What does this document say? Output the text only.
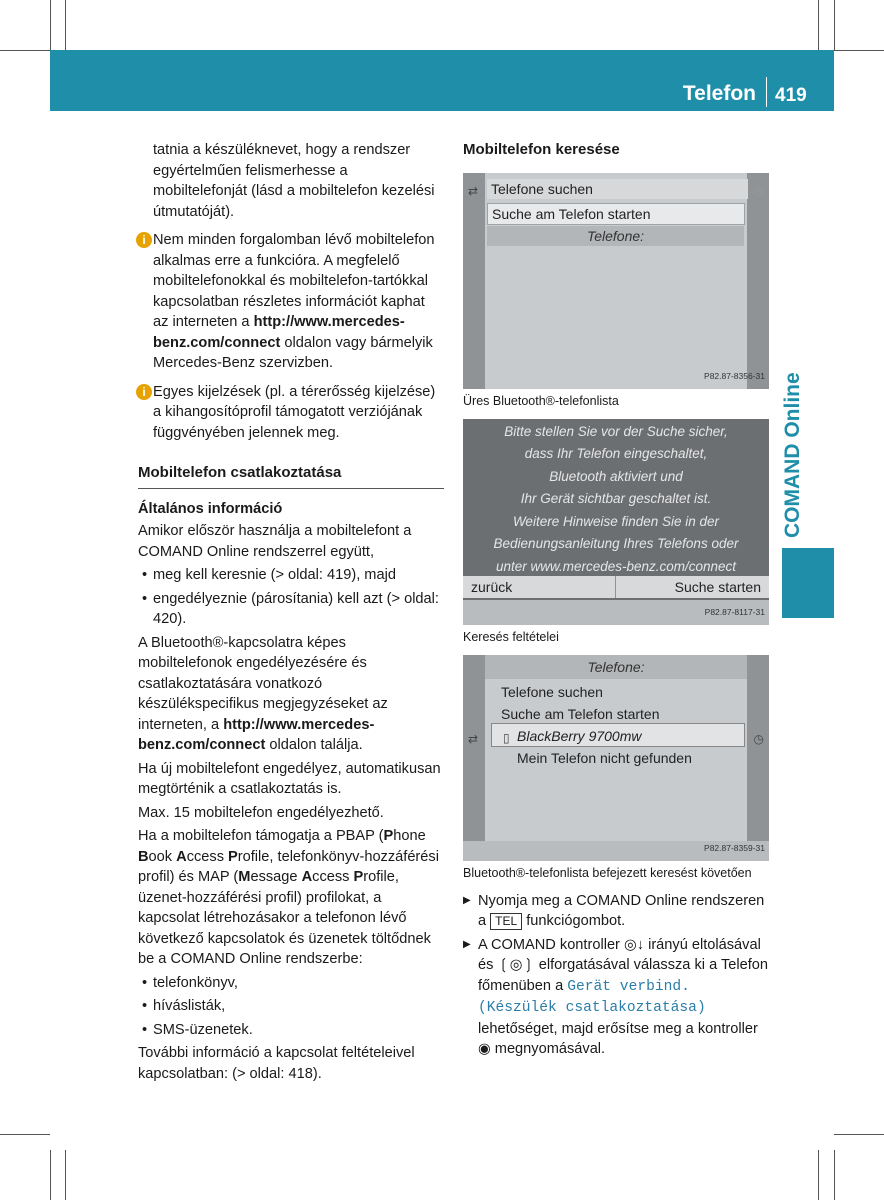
Telefon 419
COMAND Online

tatnia a készüléknevet, hogy a rendszer egyértelműen felismerhesse a mobiltelefonját (lásd a mobiltelefon kezelési útmutatóját).

i Nem minden forgalomban lévő mobiltelefon alkalmas erre a funkcióra. A megfelelő mobiltelefonokkal és mobiltelefon-tartókkal kapcsolatban részletes információt kaphat az interneten a http://www.mercedes-benz.com/connect oldalon vagy bármelyik Mercedes-Benz szervizben.

i Egyes kijelzések (pl. a térerősség kijelzése) a kihangosítóprofil támogatott verziójának függvényében jelennek meg.

Mobiltelefon csatlakoztatása
Általános információ

Amikor először használja a mobiltelefont a COMAND Online rendszerrel együtt,

• meg kell keresnie (> oldal: 419), majd
• engedélyeznie (párosítania) kell azt (> oldal: 420).

A Bluetooth®-kapcsolatra képes mobiltelefonok engedélyezésére és csatlakoztatására vonatkozó készülékspecifikus megjegyzéseket az interneten, a http://www.mercedes-benz.com/connect oldalon találja.

Ha új mobiltelefont engedélyez, automatikusan megtörténik a csatlakoztatás is.

Max. 15 mobiltelefon engedélyezhető.

Ha a mobiltelefon támogatja a PBAP (Phone Book Access Profile, telefonkönyv-hozzáférési profil) és MAP (Message Access Profile, üzenet-hozzáférési profil) profilokat, a kapcsolat létrehozásakor a telefonon lévő következő kapcsolatok és üzenetek töltődnek be a COMAND Online rendszerbe:

• telefonkönyv,
• híváslisták,
• SMS-üzenetek.

További információ a kapcsolat feltételeivel kapcsolatban: (> oldal: 418).

Mobiltelefon keresése
⇄	◷
Telefone suchen
Suche am Telefon starten
Telefone:
P82.87-8356-31
Üres Bluetooth®-telefonlista
Bitte stellen Sie vor der Suche sicher,
dass Ihr Telefon eingeschaltet,
Bluetooth aktiviert und
Ihr Gerät sichtbar geschaltet ist.
Weitere Hinweise finden Sie in der
Bedienungsanleitung Ihres Telefons oder
unter www.mercedes-benz.com/connect
zurück	Suche starten
P82.87-8117-31
Keresés feltételei
Telefone:
⇄	◷
Telefone suchen
Suche am Telefon starten
▯ BlackBerry 9700mw
Mein Telefon nicht gefunden
P82.87-8359-31
Bluetooth®-telefonlista befejezett keresést követően
▶ Nyomja meg a COMAND Online rendszeren a TEL funkciógombot.
▶ A COMAND kontroller ◎↓ irányú eltolásával és ❲◎❳ elforgatásával válassza ki a Telefon főmenüben a Gerät verbind. (Készülék csatlakoztatása) lehetőséget, majd erősítse meg a kontroller ◉ megnyomásával.
